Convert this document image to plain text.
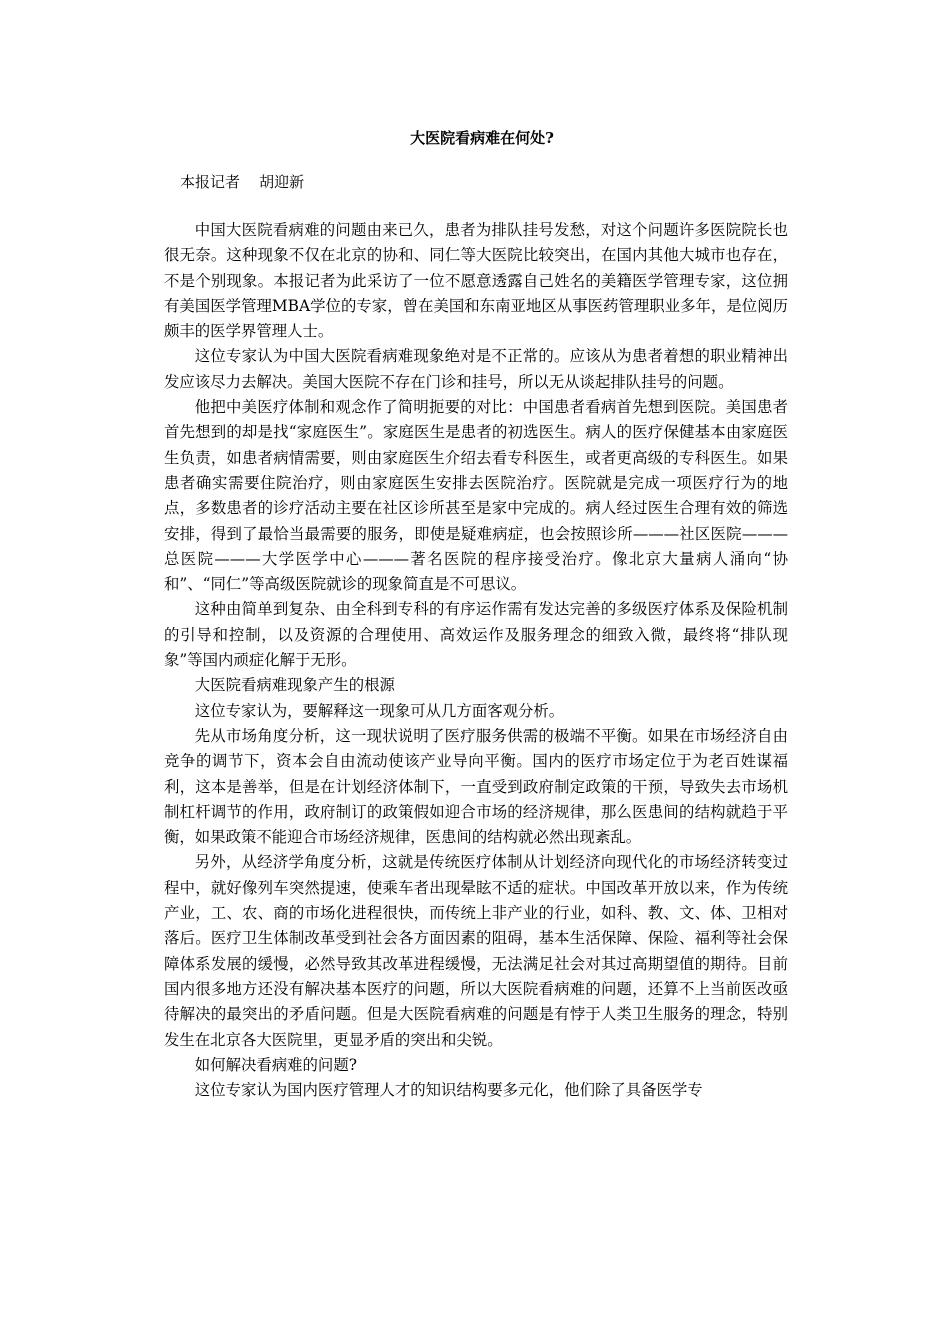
大医院看病难在何处?
本报记者    胡迎新

中国大医院看病难的问题由来已久，患者为排队挂号发愁，对这个问题许多医院院长也很无奈。这种现象不仅在北京的协和、同仁等大医院比较突出，在国内其他大城市也存在，不是个别现象。本报记者为此采访了一位不愿意透露自己姓名的美籍医学管理专家，这位拥有美国医学管理MBA学位的专家，曾在美国和东南亚地区从事医药管理职业多年，是位阅历颇丰的医学界管理人士。

这位专家认为中国大医院看病难现象绝对是不正常的。应该从为患者着想的职业精神出发应该尽力去解决。美国大医院不存在门诊和挂号，所以无从谈起排队挂号的问题。

他把中美医疗体制和观念作了简明扼要的对比：中国患者看病首先想到医院。美国患者首先想到的却是找“家庭医生”。家庭医生是患者的初选医生。病人的医疗保健基本由家庭医生负责，如患者病情需要，则由家庭医生介绍去看专科医生，或者更高级的专科医生。如果患者确实需要住院治疗，则由家庭医生安排去医院治疗。医院就是完成一项医疗行为的地点，多数患者的诊疗活动主要在社区诊所甚至是家中完成的。病人经过医生合理有效的筛选安排，得到了最恰当最需要的服务，即使是疑难病症，也会按照诊所———社区医院———总医院———大学医学中心———著名医院的程序接受治疗。像北京大量病人涌向“协和”、“同仁”等高级医院就诊的现象简直是不可思议。

这种由简单到复杂、由全科到专科的有序运作需有发达完善的多级医疗体系及保险机制的引导和控制，以及资源的合理使用、高效运作及服务理念的细致入微，最终将“排队现象”等国内顽症化解于无形。

大医院看病难现象产生的根源

这位专家认为，要解释这一现象可从几方面客观分析。

先从市场角度分析，这一现状说明了医疗服务供需的极端不平衡。如果在市场经济自由竞争的调节下，资本会自由流动使该产业导向平衡。国内的医疗市场定位于为老百姓谋福利，这本是善举，但是在计划经济体制下，一直受到政府制定政策的干预，导致失去市场机制杠杆调节的作用，政府制订的政策假如迎合市场的经济规律，那么医患间的结构就趋于平衡，如果政策不能迎合市场经济规律，医患间的结构就必然出现紊乱。

另外，从经济学角度分析，这就是传统医疗体制从计划经济向现代化的市场经济转变过程中，就好像列车突然提速，使乘车者出现晕眩不适的症状。中国改革开放以来，作为传统产业，工、农、商的市场化进程很快，而传统上非产业的行业，如科、教、文、体、卫相对落后。医疗卫生体制改革受到社会各方面因素的阻碍，基本生活保障、保险、福利等社会保障体系发展的缓慢，必然导致其改革进程缓慢，无法满足社会对其过高期望值的期待。目前国内很多地方还没有解决基本医疗的问题，所以大医院看病难的问题，还算不上当前医改亟待解决的最突出的矛盾问题。但是大医院看病难的问题是有悖于人类卫生服务的理念，特别发生在北京各大医院里，更显矛盾的突出和尖锐。

如何解决看病难的问题?

这位专家认为国内医疗管理人才的知识结构要多元化，他们除了具备医学专
